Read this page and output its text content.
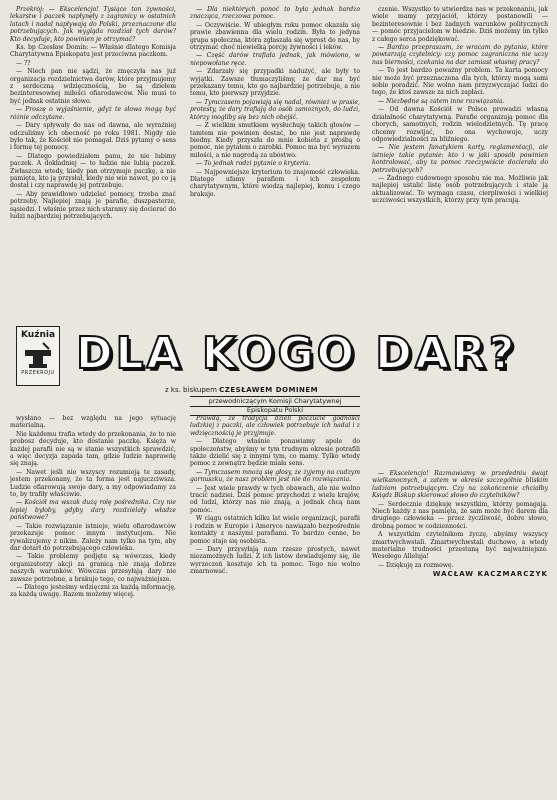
Przekrój: — Ekscelencjo! Tysiące ton żywności, lekarstw i paczek napłynęły z zagranicy w ostatnich latach i nadal napływają do Polski, przeznaczone dla potrzebujących. Jak wygląda rozdział tych darów? Kto decyduje, kto powinien je otrzymać?

Ks. bp Czesław Domin: — Właśnie dlatego Komisja Charytatywna Episkopatu jest przeciwna paczkom.

— ??

— Niech pan nie sądzi, że zmęczyła nas już organizacja rozdzielnictwa darów, które przyjmujemy z serdeczną wdzięcznością, bo są dziełem bezinteresownej miłości ofiarodawców. Nie musi to być jednak ostatnie słowo.

— Proszę o wyjaśnienie, gdyż te słowa mogą być różnie odczytane.

— Dary spływały do nas od dawna, ale wyraźniej odczuliśmy ich obecność po roku 1981. Nigdy nie było tak, że Kościół nie pomagał. Dziś pytamy o sens i formę tej pomocy.

— Dlatego powiedziałem panu, że nie lubimy paczek. A dokładniej — to ludzie nie lubią paczek. Zwłaszcza wtedy, kiedy pan otrzymuje paczkę, a nie pamięta, kto ją przysłał, kiedy nie wie nawet, po co ją dostał i czy naprawdę jej potrzebuje.

— Aby prawidłowo udzielać pomocy, trzeba znać potrzeby. Najlepiej znają je parafie, duszpasterze, sąsiedzi. I właśnie przez nich staramy się docierać do ludzi najbardziej potrzebujących.

— Dla niektórych ponoć to była jednak bardzo znacząca, rzeczowa pomoc.

— Oczywiście. W ubiegłym roku pomoc okazała się prawie zbawienna dla wielu rodzin. Była to jedyna grupa społeczna, która zgłaszała się wprost do nas, by otrzymać choć niewielką porcję żywności i leków.

— Część darów trafiała jednak, jak mówiono, w niepowołane ręce.

— Zdarzały się przypadki nadużyć, ale były to wyjątki. Zawsze tłumaczyliśmy, że dar ma być przekazany temu, kto go najbardziej potrzebuje, a nie temu, kto pierwszy przyjdzie.

— Tymczasem pojawiają się nadal, również w prasie, protesty, że dary trafiają do osób zamożnych, do ludzi, którzy mogliby się bez nich obejść.

— Z wielkim smutkiem wysłuchuję takich głosów — tamtem nie powinien dostać, bo nie jest naprawdę biedny. Kiedy przyszła do mnie kobieta z prośbą o pomoc, nie pytałem o zarobki. Pomoc ma być wyrazem miłości, a nie nagrodą za ubóstwo.

— To jednak rodzi pytanie o kryteria.

— Najpewniejsze kryterium to znajomość człowieka. Dlatego ufamy parafiom i ich zespołom charytatywnym, które wiedzą najlepiej, komu i czego brakuje.

czenie. Wszystko to utwierdza nas w przekonaniu, jak wiele mamy przyjaciół, którzy postanowili — bezinteresownie i bez żadnych warunków politycznych — pomóc przyjacielom w biedzie. Dziś możemy im tylko z całego serca podziękować.

— Bardzo przepraszam, że wracam do pytania, które powtarzają czytelnicy: czy pomoc zagraniczna nie uczy nas bierności, czekania na dar zamiast własnej pracy?

— To jest bardzo poważny problem. Ta karta pomocy nie może być przeznaczona dla tych, którzy mogą sami sobie poradzić. Nie wolno nam przyzwyczajać ludzi do tego, że ktoś zawsze za nich zapłaci.

— Niezbędne są zatem inne rozwiązania.

— Od dawna Kościół w Polsce prowadzi własną działalność charytatywną. Parafie organizują pomoc dla chorych, samotnych, rodzin wielodzietnych. Tę pracę chcemy rozwijać, bo ona wychowuje, uczy odpowiedzialności za bliźniego.

— Nie jestem fanatykiem karty, reglamentacji, ale istnieje takie pytanie: kto i w jaki sposób powinien kontrolować, aby ta pomoc rzeczywiście docierała do potrzebujących?

— Żadnego cudownego sposobu nie ma. Możliwie jak najlepiej ustalić listę osób potrzebujących i stale ją aktualizować. To wymaga czasu, cierpliwości i wielkiej uczciwości wszystkich, którzy przy tym pracują.

Kuźnia
PRZEKROJU DLA KOGO DAR?
z ks. biskupem CZESŁAWEM DOMINEM
przewodniczącym Komisji Charytatywnej
Episkopatu Polski

wysłano — bez względu na jego sytuację materialną.

Nie każdemu trafia wtedy do przekonania, że to nie probosz decyduje, kto dostanie paczkę. Księża w każdej parafii nie są w stanie wszystkich sprawdzić, a więc decyzja zapada tam, gdzie ludzie naprawdę się znają.

— Nawet jeśli nie wszyscy rozumieją te zasady, jestem przekonany, że ta forma jest najuczciwsza. Ludzie ofiarowują swoje dary, a my odpowiadamy za to, by trafiły właściwie.

— Kościół ma wszak dużą rolę pośrednika. Czy nie lepiej byłoby, gdyby dary rozdzielały władze państwowe?

— Takie rozwiązanie istnieje, wielu ofiarodawców przekazuje pomoc innym instytucjom. Nie rywalizujemy z nikim. Zależy nam tylko na tym, aby dar dotarł do potrzebującego człowieka.

— Takie problemy podjęte są wówczas, kiedy organizatorzy akcji za granicą nie znają dobrze naszych warunków. Wówczas przesyłają dary nie zawsze potrzebne, a brakuje tego, co najważniejsze.

— Dlatego jesteśmy wdzięczni za każdą informację, za każdą uwagę. Razem możemy więcej.

Prawdą, że tradycja dzieli poczucie godności ludzkiej z paczki, ale człowiek potrzebuje ich nadal i z wdzięcznością je przyjmuje.

— Dlatego właśnie ponawiamy apele do społeczeństw, abyśmy w tym trudnym okresie potrafili także dzielić się z innymi tym, co mamy. Tylko wtedy pomoc z zewnątrz będzie miała sens.

— Tymczasem mnożą się głosy, że żyjemy na cudzym garnuszku, że nasz problem jest nie do rozwiązania.

— Jest wiele prawdy w tych obawach, ale nie wolno tracić nadziei. Dziś pomoc przychodzi z wielu krajów, od ludzi, którzy nas nie znają, a jednak chcą nam pomóc.

W ciągu ostatnich kilku lat wiele organizacji, parafii i rodzin w Europie i Ameryce nawiązało bezpośrednie kontakty z naszymi parafiami. To bardzo cenne, bo pomoc staje się osobista.

— Dary przysyłają nam rzesze prostych, nawet niezamożnych ludzi. Z ich listów dowiadujemy się, ile wyrzeczeń kosztuje ich ta pomoc. Tego nie wolno zmarnować.

— Ekscelencjo! Razmawiamy w przededniu świąt wielkanocnych, a zatem w okresie szczególnie bliskim ludziom potrzebującym. Czy na zakończenie chciałby Ksiądz Biskup skierować słowo do czytelników?

— Serdecznie dziękuję wszystkim, którzy pomagają. Niech każdy z nas pamięta, że sam może być darem dla drugiego człowieka — przez życzliwość, dobre słowo, drobną pomoc w codzienności.

A wszystkim czytelnikom życzę, abyśmy wszyscy zmartwychwstali. Zmartwychwstali duchowo, a wtedy materialne trudności przestaną być najważniejsze. Wesołego Alleluja!

— Dziękuję za rozmowę.

WACŁAW KACZMARCZYK
